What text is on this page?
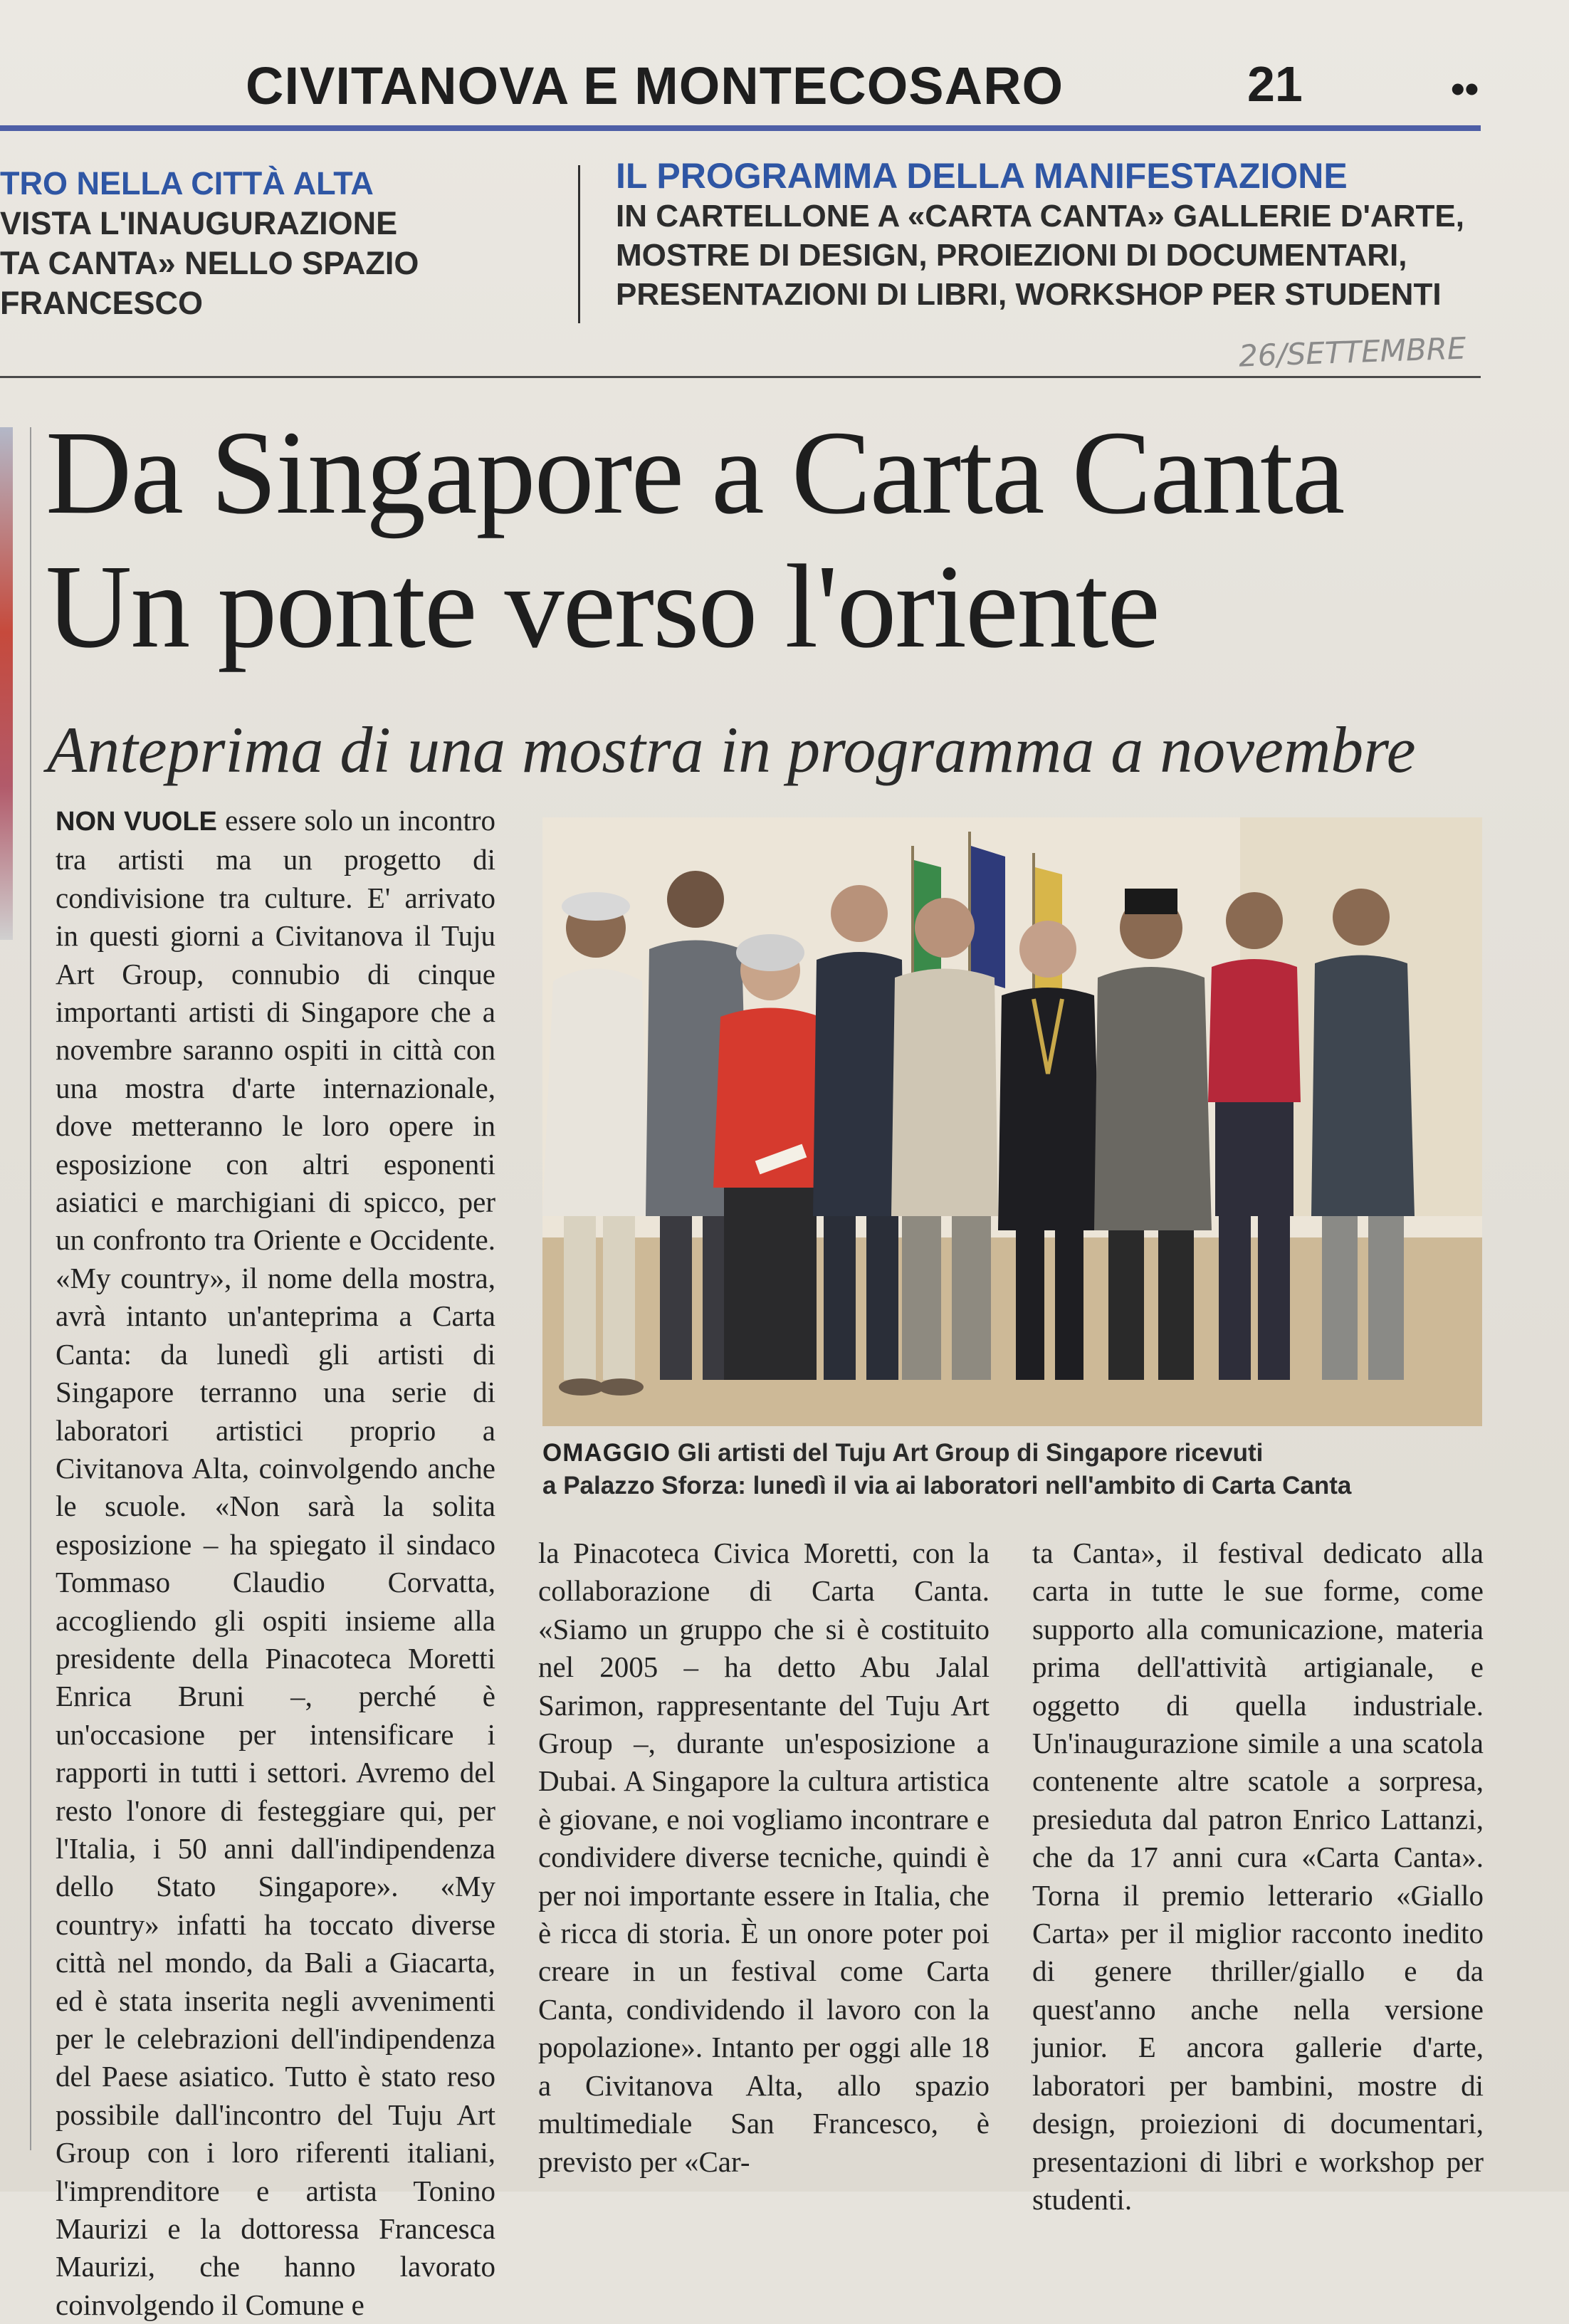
CIVITANOVA E MONTECOSARO	21	••
TRO NELLA CITTÀ ALTA
VISTA L'INAUGURAZIONE
TA CANTA» NELLO SPAZIO
FRANCESCO
IL PROGRAMMA DELLA MANIFESTAZIONE
IN CARTELLONE A «CARTA CANTA» GALLERIE D'ARTE,
MOSTRE DI DESIGN, PROIEZIONI DI DOCUMENTARI,
PRESENTAZIONI DI LIBRI, WORKSHOP PER STUDENTI
26/SETTEMBRE
Da Singapore a Carta Canta
Un ponte verso l'oriente
Anteprima di una mostra in programma a novembre
NON VUOLE essere solo un incontro tra artisti ma un progetto di condivisione tra culture. E' arrivato in questi giorni a Civitanova il Tuju Art Group, connubio di cinque importanti artisti di Singapore che a novembre saranno ospiti in città con una mostra d'arte internazionale, dove metteranno le loro opere in esposizione con altri esponenti asiatici e marchigiani di spicco, per un confronto tra Oriente e Occidente. «My country», il nome della mostra, avrà intanto un'anteprima a Carta Canta: da lunedì gli artisti di Singapore terranno una serie di laboratori artistici proprio a Civitanova Alta, coinvolgendo anche le scuole. «Non sarà la solita esposizione – ha spiegato il sindaco Tommaso Claudio Corvatta, accogliendo gli ospiti insieme alla presidente della Pinacoteca Moretti Enrica Bruni –, perché è un'occasione per intensificare i rapporti in tutti i settori. Avremo del resto l'onore di festeggiare qui, per l'Italia, i 50 anni dall'indipendenza dello Stato Singapore». «My country» infatti ha toccato diverse città nel mondo, da Bali a Giacarta, ed è stata inserita negli avvenimenti per le celebrazioni dell'indipendenza del Paese asiatico. Tutto è stato reso possibile dall'incontro del Tuju Art Group con i loro riferenti italiani, l'imprenditore e artista Tonino Maurizi e la dottoressa Francesca Maurizi, che hanno lavorato coinvolgendo il Comune e
OMAGGIO Gli artisti del Tuju Art Group di Singapore ricevuti
a Palazzo Sforza: lunedì il via ai laboratori nell'ambito di Carta Canta
la Pinacoteca Civica Moretti, con la collaborazione di Carta Canta. «Siamo un gruppo che si è costituito nel 2005 – ha detto Abu Jalal Sarimon, rappresentante del Tuju Art Group –, durante un'esposizione a Dubai. A Singapore la cultura artistica è giovane, e noi vogliamo incontrare e condividere diverse tecniche, quindi è per noi importante essere in Italia, che è ricca di storia. È un onore poter poi creare in un festival come Carta Canta, condividendo il lavoro con la popolazione». Intanto per oggi alle 18 a Civitanova Alta, allo spazio multimediale San Francesco, è previsto per «Car-
ta Canta», il festival dedicato alla carta in tutte le sue forme, come supporto alla comunicazione, materia prima dell'attività artigianale, e oggetto di quella industriale. Un'inaugurazione simile a una scatola contenente altre scatole a sorpresa, presieduta dal patron Enrico Lattanzi, che da 17 anni cura «Carta Canta». Torna il premio letterario «Giallo Carta» per il miglior racconto inedito di genere thriller/giallo e da quest'anno anche nella versione junior. E ancora gallerie d'arte, laboratori per bambini, mostre di design, proiezioni di documentari, presentazioni di libri e workshop per studenti.
